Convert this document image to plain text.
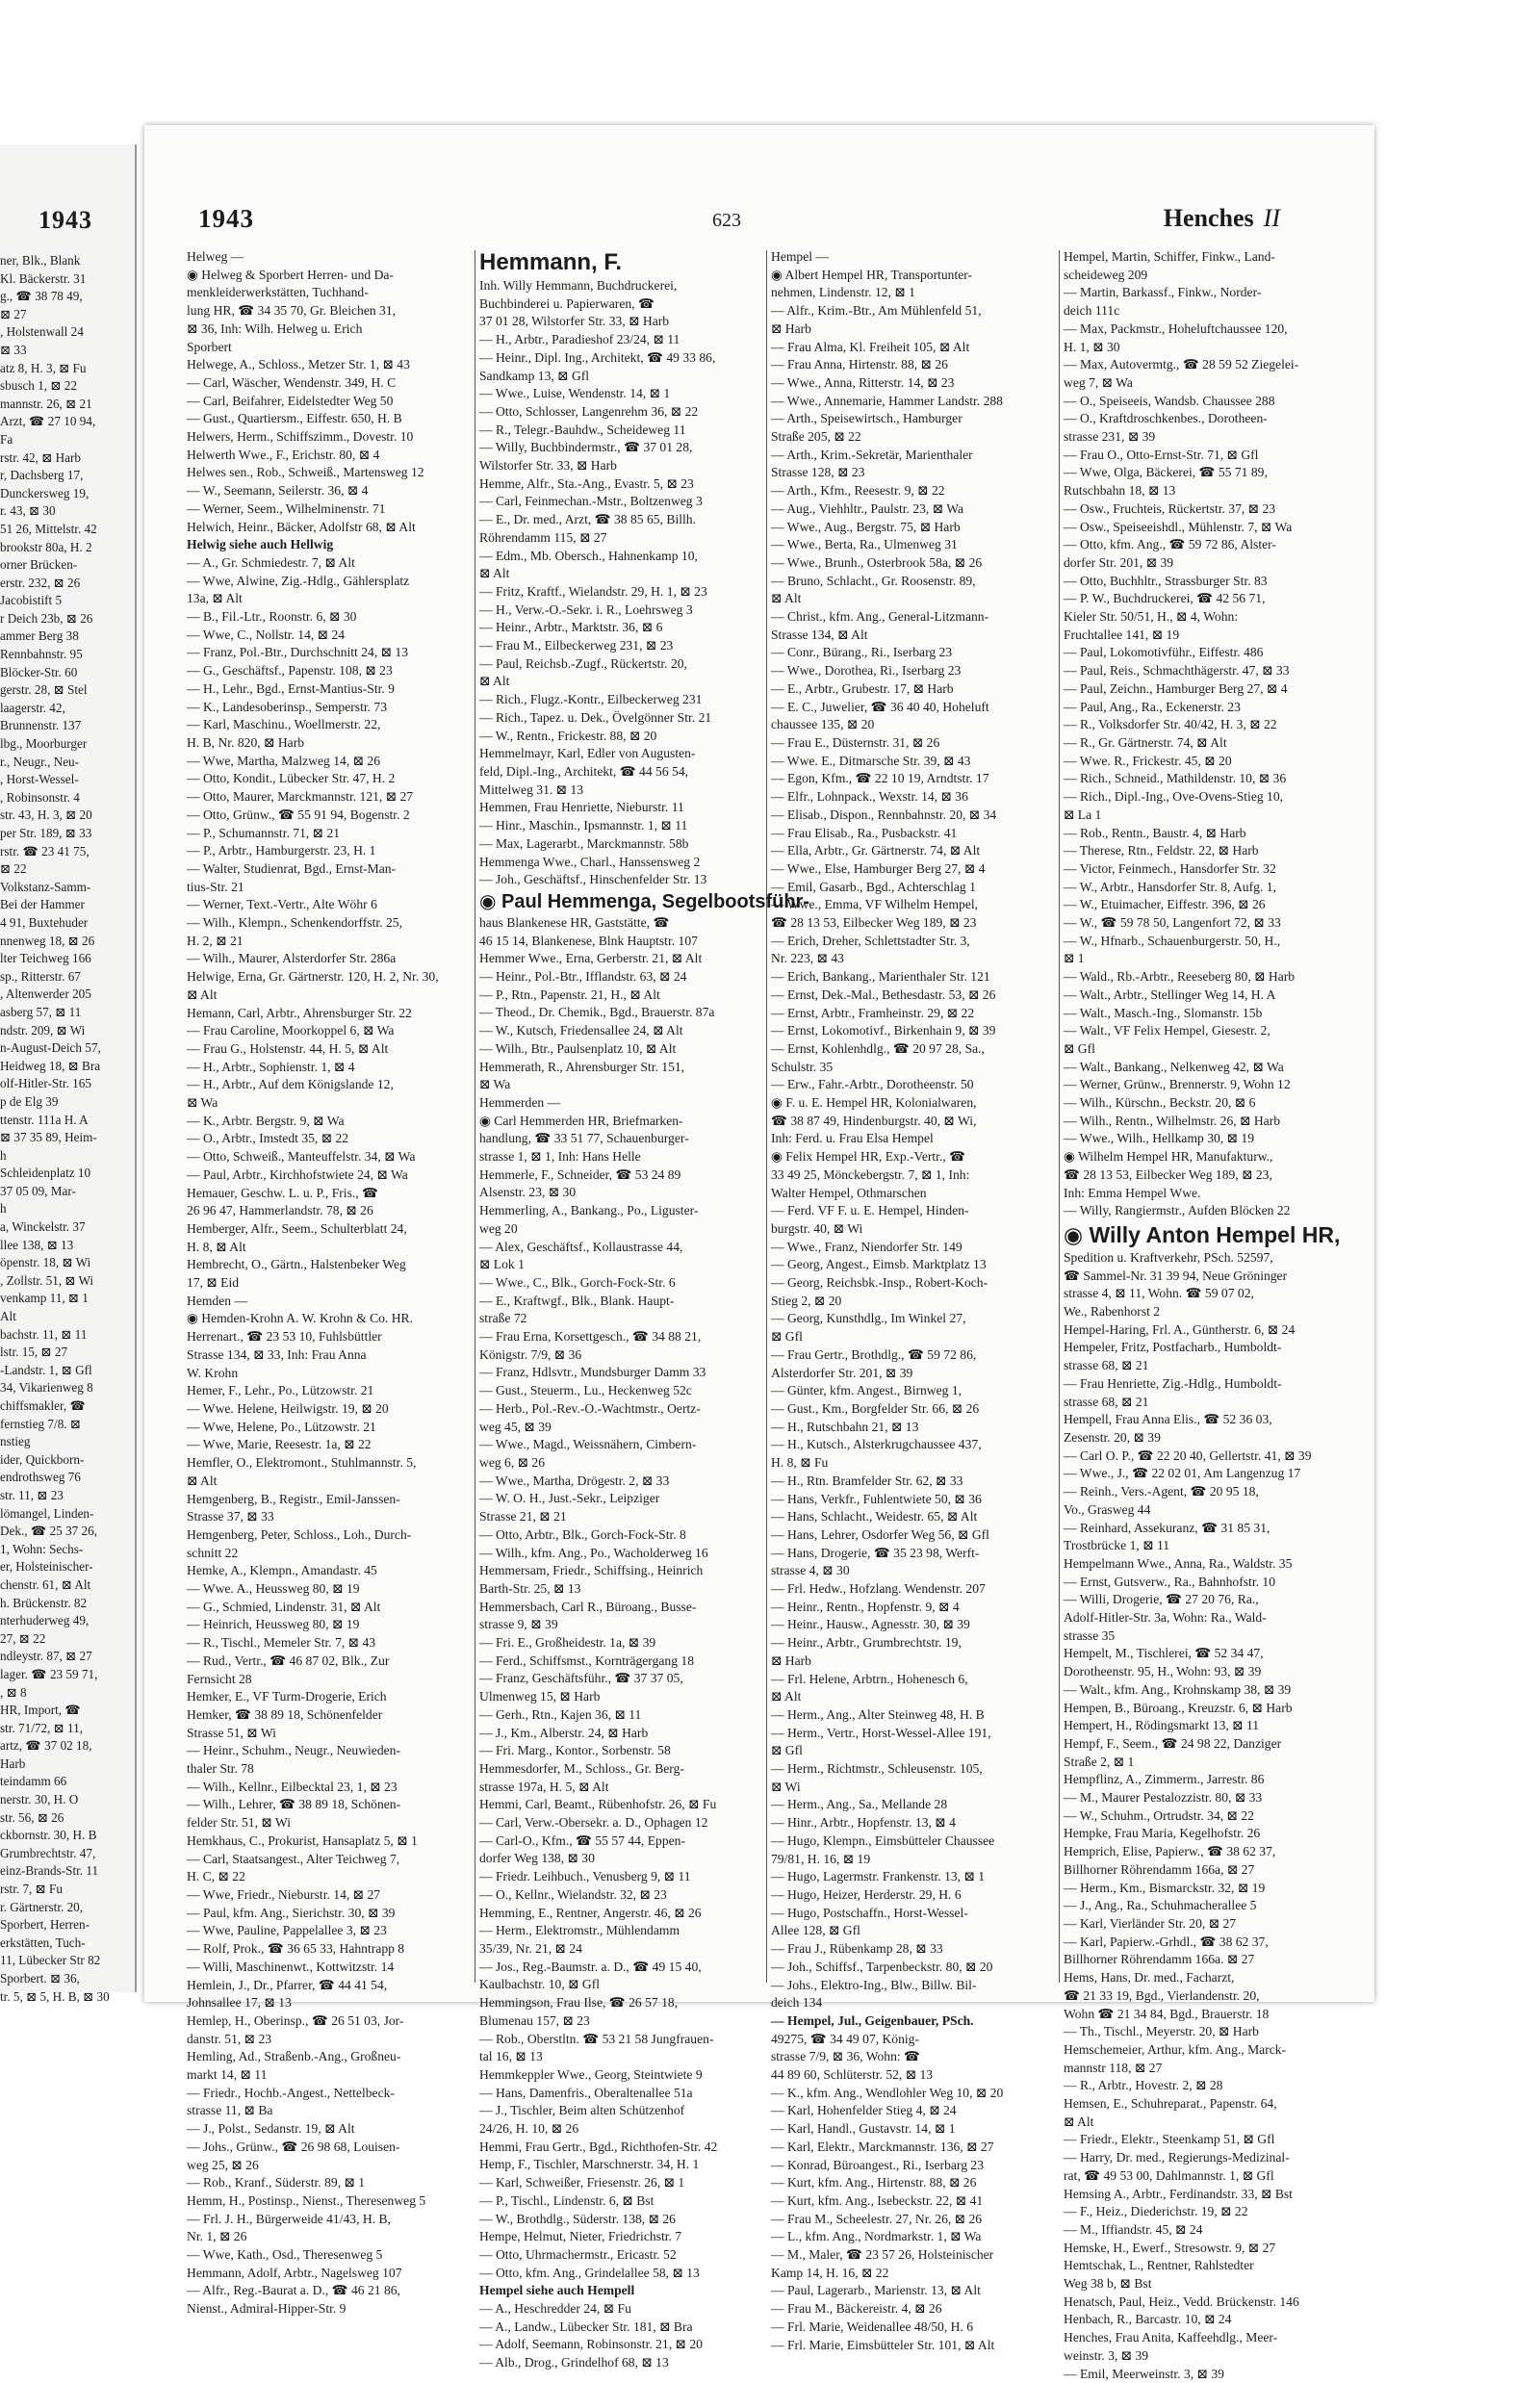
1943
ner, Blk., Blank
Kl. Bäckerstr. 31
g., ☎ 38 78 49,
⊠ 27
, Holstenwall 24
⊠ 33
atz 8, H. 3, ⊠ Fu
sbusch 1, ⊠ 22
mannstr. 26, ⊠ 21
Arzt, ☎ 27 10 94,
Fa
rstr. 42, ⊠ Harb
r, Dachsberg 17,
Dunckersweg 19,
r. 43, ⊠ 30
51 26, Mittelstr. 42
brookstr 80a, H. 2
orner Brücken-
erstr. 232, ⊠ 26
Jacobistift 5
r Deich 23b, ⊠ 26
ammer Berg 38
Rennbahnstr. 95
Blöcker-Str. 60
gerstr. 28, ⊠ Stel
laagerstr. 42,
Brunnenstr. 137
lbg., Moorburger
r., Neugr., Neu-
, Horst-Wessel-
, Robinsonstr. 4
str. 43, H. 3, ⊠ 20
per Str. 189, ⊠ 33
rstr. ☎ 23 41 75,
⊠ 22
Volkstanz-Samm-
Bei der Hammer
4 91, Buxtehuder
nnenweg 18, ⊠ 26
lter Teichweg 166
sp., Ritterstr. 67
, Altenwerder 205
asberg 57, ⊠ 11
ndstr. 209, ⊠ Wi
n-August-Deich 57,
Heidweg 18, ⊠ Bra
olf-Hitler-Str. 165
p de Elg 39
ttenstr. 111a H. A
⊠ 37 35 89, Heim-
h
Schleidenplatz 10
37 05 09, Mar-
h
a, Winckelstr. 37
llee 138, ⊠ 13
öpenstr. 18, ⊠ Wi
, Zollstr. 51, ⊠ Wi
venkamp 11, ⊠ 1
Alt
bachstr. 11, ⊠ 11
lstr. 15, ⊠ 27
-Landstr. 1, ⊠ Gfl
34, Vikarienweg 8
chiffsmakler, ☎
fernstieg 7/8. ⊠
nstieg
ider, Quickborn-
endrothsweg 76
str. 11, ⊠ 23
lömangel, Linden-
Dek., ☎ 25 37 26,
1, Wohn: Sechs-
er, Holsteinischer-
chenstr. 61, ⊠ Alt
h. Brückenstr. 82
nterhuderweg 49,
27, ⊠ 22
ndleystr. 87, ⊠ 27
lager. ☎ 23 59 71,
, ⊠ 8
HR, Import, ☎
str. 71/72, ⊠ 11,
artz, ☎ 37 02 18,
Harb
teindamm 66
nerstr. 30, H. O
str. 56, ⊠ 26
ckbornstr. 30, H. B
Grumbrechtstr. 47,
einz-Brands-Str. 11
rstr. 7, ⊠ Fu
r. Gärtnerstr. 20,
Sporbert, Herren-
erkstätten, Tuch-
11, Lübecker Str 82
Sporbert. ⊠ 36,
tr. 5, ⊠ 5, H. B, ⊠ 30
1943	623	Henches II
Helweg —
◉ Helweg & Sporbert Herren- und Da-
menkleiderwerkstätten, Tuchhand-
lung HR, ☎ 34 35 70, Gr. Bleichen 31,
⊠ 36, Inh: Wilh. Helweg u. Erich
Sporbert
Helwege, A., Schloss., Metzer Str. 1, ⊠ 43
— Carl, Wäscher, Wendenstr. 349, H. C
— Carl, Beifahrer, Eidelstedter Weg 50
— Gust., Quartiersm., Eiffestr. 650, H. B
Helwers, Herm., Schiffszimm., Dovestr. 10
Helwerth Wwe., F., Erichstr. 80, ⊠ 4
Helwes sen., Rob., Schweiß., Martensweg 12
— W., Seemann, Seilerstr. 36, ⊠ 4
— Werner, Seem., Wilhelminenstr. 71
Helwich, Heinr., Bäcker, Adolfstr 68, ⊠ Alt
Helwig siehe auch Hellwig
— A., Gr. Schmiedestr. 7, ⊠ Alt
— Wwe, Alwine, Zig.-Hdlg., Gählersplatz
13a, ⊠ Alt
— B., Fil.-Ltr., Roonstr. 6, ⊠ 30
— Wwe, C., Nollstr. 14, ⊠ 24
— Franz, Pol.-Btr., Durchschnitt 24, ⊠ 13
— G., Geschäftsf., Papenstr. 108, ⊠ 23
— H., Lehr., Bgd., Ernst-Mantius-Str. 9
— K., Landesoberinsp., Semperstr. 73
— Karl, Maschinu., Woellmerstr. 22,
H. B, Nr. 820, ⊠ Harb
— Wwe, Martha, Malzweg 14, ⊠ 26
— Otto, Kondit., Lübecker Str. 47, H. 2
— Otto, Maurer, Marckmannstr. 121, ⊠ 27
— Otto, Grünw., ☎ 55 91 94, Bogenstr. 2
— P., Schumannstr. 71, ⊠ 21
— P., Arbtr., Hamburgerstr. 23, H. 1
— Walter, Studienrat, Bgd., Ernst-Man-
tius-Str. 21
— Werner, Text.-Vertr., Alte Wöhr 6
— Wilh., Klempn., Schenkendorffstr. 25,
H. 2, ⊠ 21
— Wilh., Maurer, Alsterdorfer Str. 286a
Helwige, Erna, Gr. Gärtnerstr. 120, H. 2, Nr. 30,
⊠ Alt
Hemann, Carl, Arbtr., Ahrensburger Str. 22
— Frau Caroline, Moorkoppel 6, ⊠ Wa
— Frau G., Holstenstr. 44, H. 5, ⊠ Alt
— H., Arbtr., Sophienstr. 1, ⊠ 4
— H., Arbtr., Auf dem Königslande 12,
⊠ Wa
— K., Arbtr. Bergstr. 9, ⊠ Wa
— O., Arbtr., Imstedt 35, ⊠ 22
— Otto, Schweiß., Manteuffelstr. 34, ⊠ Wa
— Paul, Arbtr., Kirchhofstwiete 24, ⊠ Wa
Hemauer, Geschw. L. u. P., Fris., ☎
26 96 47, Hammerlandstr. 78, ⊠ 26
Hemberger, Alfr., Seem., Schulterblatt 24,
H. 8, ⊠ Alt
Hembrecht, O., Gärtn., Halstenbeker Weg
17, ⊠ Eid
Hemden —
◉ Hemden-Krohn A. W. Krohn & Co. HR.
Herrenart., ☎ 23 53 10, Fuhlsbüttler
Strasse 134, ⊠ 33, Inh: Frau Anna
W. Krohn
Hemer, F., Lehr., Po., Lützowstr. 21
— Wwe. Helene, Heilwigstr. 19, ⊠ 20
— Wwe, Helene, Po., Lützowstr. 21
— Wwe, Marie, Reesestr. 1a, ⊠ 22
Hemfler, O., Elektromont., Stuhlmannstr. 5,
⊠ Alt
Hemgenberg, B., Registr., Emil-Janssen-
Strasse 37, ⊠ 33
Hemgenberg, Peter, Schloss., Loh., Durch-
schnitt 22
Hemke, A., Klempn., Amandastr. 45
— Wwe. A., Heussweg 80, ⊠ 19
— G., Schmied, Lindenstr. 31, ⊠ Alt
— Heinrich, Heussweg 80, ⊠ 19
— R., Tischl., Memeler Str. 7, ⊠ 43
— Rud., Vertr., ☎ 46 87 02, Blk., Zur
Fernsicht 28
Hemker, E., VF Turm-Drogerie, Erich
Hemker, ☎ 38 89 18, Schönenfelder
Strasse 51, ⊠ Wi
— Heinr., Schuhm., Neugr., Neuwieden-
thaler Str. 78
— Wilh., Kellnr., Eilbecktal 23, 1, ⊠ 23
— Wilh., Lehrer, ☎ 38 89 18, Schönen-
felder Str. 51, ⊠ Wi
Hemkhaus, C., Prokurist, Hansaplatz 5, ⊠ 1
— Carl, Staatsangest., Alter Teichweg 7,
H. C, ⊠ 22
— Wwe, Friedr., Nieburstr. 14, ⊠ 27
— Paul, kfm. Ang., Sierichstr. 30, ⊠ 39
— Wwe, Pauline, Pappelallee 3, ⊠ 23
— Rolf, Prok., ☎ 36 65 33, Hahntrapp 8
— Willi, Maschinenwt., Kottwitzstr. 14
Hemlein, J., Dr., Pfarrer, ☎ 44 41 54,
Johnsallee 17, ⊠ 13
Hemlep, H., Oberinsp., ☎ 26 51 03, Jor-
danstr. 51, ⊠ 23
Hemling, Ad., Straßenb.-Ang., Großneu-
markt 14, ⊠ 11
— Friedr., Hochb.-Angest., Nettelbeck-
strasse 11, ⊠ Ba
— J., Polst., Sedanstr. 19, ⊠ Alt
— Johs., Grünw., ☎ 26 98 68, Louisen-
weg 25, ⊠ 26
— Rob., Kranf., Süderstr. 89, ⊠ 1
Hemm, H., Postinsp., Nienst., Theresenweg 5
— Frl. J. H., Bürgerweide 41/43, H. B,
Nr. 1, ⊠ 26
— Wwe, Kath., Osd., Theresenweg 5
Hemmann, Adolf, Arbtr., Nagelsweg 107
— Alfr., Reg.-Baurat a. D., ☎ 46 21 86,
Nienst., Admiral-Hipper-Str. 9
Hemmann, F.
Inh. Willy Hemmann, Buchdruckerei,
Buchbinderei u. Papierwaren, ☎
37 01 28, Wilstorfer Str. 33, ⊠ Harb
— H., Arbtr., Paradieshof 23/24, ⊠ 11
— Heinr., Dipl. Ing., Architekt, ☎ 49 33 86,
Sandkamp 13, ⊠ Gfl
— Wwe., Luise, Wendenstr. 14, ⊠ 1
— Otto, Schlosser, Langenrehm 36, ⊠ 22
— R., Telegr.-Bauhdw., Scheideweg 11
— Willy, Buchbindermstr., ☎ 37 01 28,
Wilstorfer Str. 33, ⊠ Harb
Hemme, Alfr., Sta.-Ang., Evastr. 5, ⊠ 23
— Carl, Feinmechan.-Mstr., Boltzenweg 3
— E., Dr. med., Arzt, ☎ 38 85 65, Billh.
Röhrendamm 115, ⊠ 27
— Edm., Mb. Obersch., Hahnenkamp 10,
⊠ Alt
— Fritz, Kraftf., Wielandstr. 29, H. 1, ⊠ 23
— H., Verw.-O.-Sekr. i. R., Loehrsweg 3
— Heinr., Arbtr., Marktstr. 36, ⊠ 6
— Frau M., Eilbeckerweg 231, ⊠ 23
— Paul, Reichsb.-Zugf., Rückertstr. 20,
⊠ Alt
— Rich., Flugz.-Kontr., Eilbeckerweg 231
— Rich., Tapez. u. Dek., Övelgönner Str. 21
— W., Rentn., Frickestr. 88, ⊠ 20
Hemmelmayr, Karl, Edler von Augusten-
feld, Dipl.-Ing., Architekt, ☎ 44 56 54,
Mittelweg 31. ⊠ 13
Hemmen, Frau Henriette, Nieburstr. 11
— Hinr., Maschin., Ipsmannstr. 1, ⊠ 11
— Max, Lagerarbt., Marckmannstr. 58b
Hemmenga Wwe., Charl., Hanssensweg 2
— Joh., Geschäftsf., Hinschenfelder Str. 13
◉ Paul Hemmenga, Segelbootsführ-
haus Blankenese HR, Gaststätte, ☎
46 15 14, Blankenese, Blnk Hauptstr. 107
Hemmer Wwe., Erna, Gerberstr. 21, ⊠ Alt
— Heinr., Pol.-Btr., Ifflandstr. 63, ⊠ 24
— P., Rtn., Papenstr. 21, H., ⊠ Alt
— Theod., Dr. Chemik., Bgd., Brauerstr. 87a
— W., Kutsch, Friedensallee 24, ⊠ Alt
— Wilh., Btr., Paulsenplatz 10, ⊠ Alt
Hemmerath, R., Ahrensburger Str. 151,
⊠ Wa
Hemmerden —
◉ Carl Hemmerden HR, Briefmarken-
handlung, ☎ 33 51 77, Schauenburger-
strasse 1, ⊠ 1, Inh: Hans Helle
Hemmerle, F., Schneider, ☎ 53 24 89
Alsenstr. 23, ⊠ 30
Hemmerling, A., Bankang., Po., Liguster-
weg 20
— Alex, Geschäftsf., Kollaustrasse 44,
⊠ Lok 1
— Wwe., C., Blk., Gorch-Fock-Str. 6
— E., Kraftwgf., Blk., Blank. Haupt-
straße 72
— Frau Erna, Korsettgesch., ☎ 34 88 21,
Königstr. 7/9, ⊠ 36
— Franz, Hdlsvtr., Mundsburger Damm 33
— Gust., Steuerm., Lu., Heckenweg 52c
— Herb., Pol.-Rev.-O.-Wachtmstr., Oertz-
weg 45, ⊠ 39
— Wwe., Magd., Weissnähern, Cimbern-
weg 6, ⊠ 26
— Wwe., Martha, Drögestr. 2, ⊠ 33
— W. O. H., Just.-Sekr., Leipziger
Strasse 21, ⊠ 21
— Otto, Arbtr., Blk., Gorch-Fock-Str. 8
— Wilh., kfm. Ang., Po., Wacholderweg 16
Hemmersam, Friedr., Schiffsing., Heinrich
Barth-Str. 25, ⊠ 13
Hemmersbach, Carl R., Büroang., Busse-
strasse 9, ⊠ 39
— Fri. E., Großheidestr. 1a, ⊠ 39
— Ferd., Schiffsmst., Kornträgergang 18
— Franz, Geschäftsführ., ☎ 37 37 05,
Ulmenweg 15, ⊠ Harb
— Gerh., Rtn., Kajen 36, ⊠ 11
— J., Km., Alberstr. 24, ⊠ Harb
— Fri. Marg., Kontor., Sorbenstr. 58
Hemmesdorfer, M., Schloss., Gr. Berg-
strasse 197a, H. 5, ⊠ Alt
Hemmi, Carl, Beamt., Rübenhofstr. 26, ⊠ Fu
— Carl, Verw.-Obersekr. a. D., Ophagen 12
— Carl-O., Kfm., ☎ 55 57 44, Eppen-
dorfer Weg 138, ⊠ 30
— Friedr. Leihbuch., Venusberg 9, ⊠ 11
— O., Kellnr., Wielandstr. 32, ⊠ 23
Hemming, E., Rentner, Angerstr. 46, ⊠ 26
— Herm., Elektromstr., Mühlendamm
35/39, Nr. 21, ⊠ 24
— Jos., Reg.-Baumstr. a. D., ☎ 49 15 40,
Kaulbachstr. 10, ⊠ Gfl
Hemmingson, Frau Ilse, ☎ 26 57 18,
Blumenau 157, ⊠ 23
— Rob., Oberstltn. ☎ 53 21 58 Jungfrauen-
tal 16, ⊠ 13
Hemmkeppler Wwe., Georg, Steintwiete 9
— Hans, Damenfris., Oberaltenallee 51a
— J., Tischler, Beim alten Schützenhof
24/26, H. 10, ⊠ 26
Hemmi, Frau Gertr., Bgd., Richthofen-Str. 42
Hemp, F., Tischler, Marschnerstr. 34, H. 1
— Karl, Schweißer, Friesenstr. 26, ⊠ 1
— P., Tischl., Lindenstr. 6, ⊠ Bst
— W., Brothdlg., Süderstr. 138, ⊠ 26
Hempe, Helmut, Nieter, Friedrichstr. 7
— Otto, Uhrmachermstr., Ericastr. 52
— Otto, kfm. Ang., Grindelallee 58, ⊠ 13
Hempel siehe auch Hempell
— A., Heschredder 24, ⊠ Fu
— A., Landw., Lübecker Str. 181, ⊠ Bra
— Adolf, Seemann, Robinsonstr. 21, ⊠ 20
— Alb., Drog., Grindelhof 68, ⊠ 13
Hempel —
◉ Albert Hempel HR, Transportunter-
nehmen, Lindenstr. 12, ⊠ 1
— Alfr., Krim.-Btr., Am Mühlenfeld 51,
⊠ Harb
— Frau Alma, Kl. Freiheit 105, ⊠ Alt
— Frau Anna, Hirtenstr. 88, ⊠ 26
— Wwe., Anna, Ritterstr. 14, ⊠ 23
— Wwe., Annemarie, Hammer Landstr. 288
— Arth., Speisewirtsch., Hamburger
Straße 205, ⊠ 22
— Arth., Krim.-Sekretär, Marienthaler
Strasse 128, ⊠ 23
— Arth., Kfm., Reesestr. 9, ⊠ 22
— Aug., Viehhltr., Paulstr. 23, ⊠ Wa
— Wwe., Aug., Bergstr. 75, ⊠ Harb
— Wwe., Berta, Ra., Ulmenweg 31
— Wwe., Brunh., Osterbrook 58a, ⊠ 26
— Bruno, Schlacht., Gr. Roosenstr. 89,
⊠ Alt
— Christ., kfm. Ang., General-Litzmann-
Strasse 134, ⊠ Alt
— Conr., Bürang., Ri., Iserbarg 23
— Wwe., Dorothea, Ri., Iserbarg 23
— E., Arbtr., Grubestr. 17, ⊠ Harb
— E. C., Juwelier, ☎ 36 40 40, Hoheluft
chaussee 135, ⊠ 20
— Frau E., Düsternstr. 31, ⊠ 26
— Wwe. E., Ditmarsche Str. 39, ⊠ 43
— Egon, Kfm., ☎ 22 10 19, Arndtstr. 17
— Elfr., Lohnpack., Wexstr. 14, ⊠ 36
— Elisab., Dispon., Rennbahnstr. 20, ⊠ 34
— Frau Elisab., Ra., Pusbackstr. 41
— Ella, Arbtr., Gr. Gärtnerstr. 74, ⊠ Alt
— Wwe., Else, Hamburger Berg 27, ⊠ 4
— Emil, Gasarb., Bgd., Achterschlag 1
— Wwe., Emma, VF Wilhelm Hempel,
☎ 28 13 53, Eilbecker Weg 189, ⊠ 23
— Erich, Dreher, Schlettstadter Str. 3,
Nr. 223, ⊠ 43
— Erich, Bankang., Marienthaler Str. 121
— Ernst, Dek.-Mal., Bethesdastr. 53, ⊠ 26
— Ernst, Arbtr., Framheinstr. 29, ⊠ 22
— Ernst, Lokomotivf., Birkenhain 9, ⊠ 39
— Ernst, Kohlenhdlg., ☎ 20 97 28, Sa.,
Schulstr. 35
— Erw., Fahr.-Arbtr., Dorotheenstr. 50
◉ F. u. E. Hempel HR, Kolonialwaren,
☎ 38 87 49, Hindenburgstr. 40, ⊠ Wi,
Inh: Ferd. u. Frau Elsa Hempel
◉ Felix Hempel HR, Exp.-Vertr., ☎
33 49 25, Mönckebergstr. 7, ⊠ 1, Inh:
Walter Hempel, Othmarschen
— Ferd. VF F. u. E. Hempel, Hinden-
burgstr. 40, ⊠ Wi
— Wwe., Franz, Niendorfer Str. 149
— Georg, Angest., Eimsb. Marktplatz 13
— Georg, Reichsbk.-Insp., Robert-Koch-
Stieg 2, ⊠ 20
— Georg, Kunsthdlg., Im Winkel 27,
⊠ Gfl
— Frau Gertr., Brothdlg., ☎ 59 72 86,
Alsterdorfer Str. 201, ⊠ 39
— Günter, kfm. Angest., Birnweg 1,
— Gust., Km., Borgfelder Str. 66, ⊠ 26
— H., Rutschbahn 21, ⊠ 13
— H., Kutsch., Alsterkrugchaussee 437,
H. 8, ⊠ Fu
— H., Rtn. Bramfelder Str. 62, ⊠ 33
— Hans, Verkfr., Fuhlentwiete 50, ⊠ 36
— Hans, Schlacht., Weidestr. 65, ⊠ Alt
— Hans, Lehrer, Osdorfer Weg 56, ⊠ Gfl
— Hans, Drogerie, ☎ 35 23 98, Werft-
strasse 4, ⊠ 30
— Frl. Hedw., Hofzlang. Wendenstr. 207
— Heinr., Rentn., Hopfenstr. 9, ⊠ 4
— Heinr., Hausw., Agnesstr. 30, ⊠ 39
— Heinr., Arbtr., Grumbrechtstr. 19,
⊠ Harb
— Frl. Helene, Arbtrn., Hohenesch 6,
⊠ Alt
— Herm., Ang., Alter Steinweg 48, H. B
— Herm., Vertr., Horst-Wessel-Allee 191,
⊠ Gfl
— Herm., Richtmstr., Schleusenstr. 105,
⊠ Wi
— Herm., Ang., Sa., Mellande 28
— Hinr., Arbtr., Hopfenstr. 13, ⊠ 4
— Hugo, Klempn., Eimsbütteler Chaussee
79/81, H. 16, ⊠ 19
— Hugo, Lagermstr. Frankenstr. 13, ⊠ 1
— Hugo, Heizer, Herderstr. 29, H. 6
— Hugo, Postschaffn., Horst-Wessel-
Allee 128, ⊠ Gfl
— Frau J., Rübenkamp 28, ⊠ 33
— Joh., Schiffsf., Tarpenbeckstr. 80, ⊠ 20
— Johs., Elektro-Ing., Blw., Billw. Bil-
deich 134
— Hempel, Jul., Geigenbauer, PSch.
49275, ☎ 34 49 07, König-
strasse 7/9, ⊠ 36, Wohn: ☎
44 89 60, Schlüterstr. 52, ⊠ 13
— K., kfm. Ang., Wendlohler Weg 10, ⊠ 20
— Karl, Hohenfelder Stieg 4, ⊠ 24
— Karl, Handl., Gustavstr. 14, ⊠ 1
— Karl, Elektr., Marckmannstr. 136, ⊠ 27
— Konrad, Büroangest., Ri., Iserbarg 23
— Kurt, kfm. Ang., Hirtenstr. 88, ⊠ 26
— Kurt, kfm. Ang., Isebeckstr. 22, ⊠ 41
— Frau M., Scheelestr. 27, Nr. 26, ⊠ 26
— L., kfm. Ang., Nordmarkstr. 1, ⊠ Wa
— M., Maler, ☎ 23 57 26, Holsteinischer
Kamp 14, H. 16, ⊠ 22
— Paul, Lagerarb., Marienstr. 13, ⊠ Alt
— Frau M., Bäckereistr. 4, ⊠ 26
— Frl. Marie, Weidenallee 48/50, H. 6
— Frl. Marie, Eimsbütteler Str. 101, ⊠ Alt
Hempel, Martin, Schiffer, Finkw., Land-
scheideweg 209
— Martin, Barkassf., Finkw., Norder-
deich 111c
— Max, Packmstr., Hoheluftchaussee 120,
H. 1, ⊠ 30
— Max, Autovermtg., ☎ 28 59 52 Ziegelei-
weg 7, ⊠ Wa
— O., Speiseeis, Wandsb. Chaussee 288
— O., Kraftdroschkenbes., Dorotheen-
strasse 231, ⊠ 39
— Frau O., Otto-Ernst-Str. 71, ⊠ Gfl
— Wwe, Olga, Bäckerei, ☎ 55 71 89,
Rutschbahn 18, ⊠ 13
— Osw., Fruchteis, Rückertstr. 37, ⊠ 23
— Osw., Speiseeishdl., Mühlenstr. 7, ⊠ Wa
— Otto, kfm. Ang., ☎ 59 72 86, Alster-
dorfer Str. 201, ⊠ 39
— Otto, Buchhltr., Strassburger Str. 83
— P. W., Buchdruckerei, ☎ 42 56 71,
Kieler Str. 50/51, H., ⊠ 4, Wohn:
Fruchtallee 141, ⊠ 19
— Paul, Lokomotivführ., Eiffestr. 486
— Paul, Reis., Schmachthägerstr. 47, ⊠ 33
— Paul, Zeichn., Hamburger Berg 27, ⊠ 4
— Paul, Ang., Ra., Eckenerstr. 23
— R., Volksdorfer Str. 40/42, H. 3, ⊠ 22
— R., Gr. Gärtnerstr. 74, ⊠ Alt
— Wwe. R., Frickestr. 45, ⊠ 20
— Rich., Schneid., Mathildenstr. 10, ⊠ 36
— Rich., Dipl.-Ing., Ove-Ovens-Stieg 10,
⊠ La 1
— Rob., Rentn., Baustr. 4, ⊠ Harb
— Therese, Rtn., Feldstr. 22, ⊠ Harb
— Victor, Feinmech., Hansdorfer Str. 32
— W., Arbtr., Hansdorfer Str. 8, Aufg. 1,
— W., Etuimacher, Eiffestr. 396, ⊠ 26
— W., ☎ 59 78 50, Langenfort 72, ⊠ 33
— W., Hfnarb., Schauenburgerstr. 50, H.,
⊠ 1
— Wald., Rb.-Arbtr., Reeseberg 80, ⊠ Harb
— Walt., Arbtr., Stellinger Weg 14, H. A
— Walt., Masch.-Ing., Slomanstr. 15b
— Walt., VF Felix Hempel, Giesestr. 2,
⊠ Gfl
— Walt., Bankang., Nelkenweg 42, ⊠ Wa
— Werner, Grünw., Brennerstr. 9, Wohn 12
— Wilh., Kürschn., Beckstr. 20, ⊠ 6
— Wilh., Rentn., Wilhelmstr. 26, ⊠ Harb
— Wwe., Wilh., Hellkamp 30, ⊠ 19
◉ Wilhelm Hempel HR, Manufakturw.,
☎ 28 13 53, Eilbecker Weg 189, ⊠ 23,
Inh: Emma Hempel Wwe.
— Willy, Rangiermstr., Aufden Blöcken 22
◉ Willy Anton Hempel HR,
Spedition u. Kraftverkehr, PSch. 52597,
☎ Sammel-Nr. 31 39 94, Neue Gröninger
strasse 4, ⊠ 11, Wohn. ☎ 59 07 02,
We., Rabenhorst 2
Hempel-Haring, Frl. A., Güntherstr. 6, ⊠ 24
Hempeler, Fritz, Postfacharb., Humboldt-
strasse 68, ⊠ 21
— Frau Henriette, Zig.-Hdlg., Humboldt-
strasse 68, ⊠ 21
Hempell, Frau Anna Elis., ☎ 52 36 03,
Zesenstr. 20, ⊠ 39
— Carl O. P., ☎ 22 20 40, Gellertstr. 41, ⊠ 39
— Wwe., J., ☎ 22 02 01, Am Langenzug 17
— Reinh., Vers.-Agent, ☎ 20 95 18,
Vo., Grasweg 44
— Reinhard, Assekuranz, ☎ 31 85 31,
Trostbrücke 1, ⊠ 11
Hempelmann Wwe., Anna, Ra., Waldstr. 35
— Ernst, Gutsverw., Ra., Bahnhofstr. 10
— Willi, Drogerie, ☎ 27 20 76, Ra.,
Adolf-Hitler-Str. 3a, Wohn: Ra., Wald-
strasse 35
Hempelt, M., Tischlerei, ☎ 52 34 47,
Dorotheenstr. 95, H., Wohn: 93, ⊠ 39
— Walt., kfm. Ang., Krohnskamp 38, ⊠ 39
Hempen, B., Büroang., Kreuzstr. 6, ⊠ Harb
Hempert, H., Rödingsmarkt 13, ⊠ 11
Hempf, F., Seem., ☎ 24 98 22, Danziger
Straße 2, ⊠ 1
Hempflinz, A., Zimmerm., Jarrestr. 86
— M., Maurer Pestalozzistr. 80, ⊠ 33
— W., Schuhm., Ortrudstr. 34, ⊠ 22
Hempke, Frau Maria, Kegelhofstr. 26
Hemprich, Elise, Papierw., ☎ 38 62 37,
Billhorner Röhrendamm 166a, ⊠ 27
— Herm., Km., Bismarckstr. 32, ⊠ 19
— J., Ang., Ra., Schuhmacherallee 5
— Karl, Vierländer Str. 20, ⊠ 27
— Karl, Papierw.-Grhdl., ☎ 38 62 37,
Billhorner Röhrendamm 166a. ⊠ 27
Hems, Hans, Dr. med., Facharzt,
☎ 21 33 19, Bgd., Vierlandenstr. 20,
Wohn ☎ 21 34 84, Bgd., Brauerstr. 18
— Th., Tischl., Meyerstr. 20, ⊠ Harb
Hemschemeier, Arthur, kfm. Ang., Marck-
mannstr 118, ⊠ 27
— R., Arbtr., Hovestr. 2, ⊠ 28
Hemsen, E., Schuhreparat., Papenstr. 64,
⊠ Alt
— Friedr., Elektr., Steenkamp 51, ⊠ Gfl
— Harry, Dr. med., Regierungs-Medizinal-
rat, ☎ 49 53 00, Dahlmannstr. 1, ⊠ Gfl
Hemsing A., Arbtr., Ferdinandstr. 33, ⊠ Bst
— F., Heiz., Diederichstr. 19, ⊠ 22
— M., Iffiandstr. 45, ⊠ 24
Hemske, H., Ewerf., Stresowstr. 9, ⊠ 27
Hemtschak, L., Rentner, Rahlstedter
Weg 38 b, ⊠ Bst
Henatsch, Paul, Heiz., Vedd. Brückenstr. 146
Henbach, R., Barcastr. 10, ⊠ 24
Henches, Frau Anita, Kaffeehdlg., Meer-
weinstr. 3, ⊠ 39
— Emil, Meerweinstr. 3, ⊠ 39
